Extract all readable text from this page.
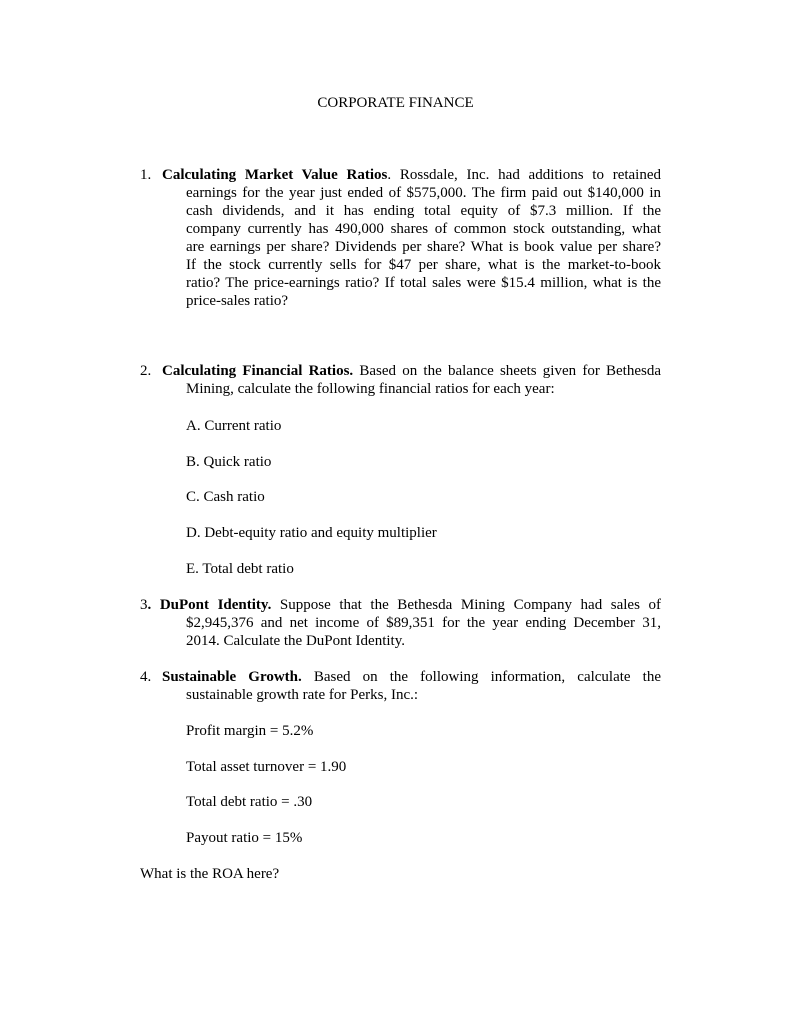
CORPORATE FINANCE
1. Calculating Market Value Ratios. Rossdale, Inc. had additions to retained
earnings for the year just ended of $575,000. The firm paid out $140,000 in
cash dividends, and it has ending total equity of $7.3 million. If the
company currently has 490,000 shares of common stock outstanding, what
are earnings per share? Dividends per share? What is book value per share?
If the stock currently sells for $47 per share, what is the market-to-book
ratio? The price-earnings ratio? If total sales were $15.4 million, what is the
price-sales ratio?
2. Calculating Financial Ratios. Based on the balance sheets given for Bethesda
Mining, calculate the following financial ratios for each year:
A. Current ratio
B. Quick ratio
C. Cash ratio
D. Debt-equity ratio and equity multiplier
E. Total debt ratio
3. DuPont Identity. Suppose that the Bethesda Mining Company had sales of
$2,945,376 and net income of $89,351 for the year ending December 31,
2014. Calculate the DuPont Identity.
4. Sustainable Growth. Based on the following information, calculate the
sustainable growth rate for Perks, Inc.:
Profit margin = 5.2%
Total asset turnover = 1.90
Total debt ratio = .30
Payout ratio = 15%
What is the ROA here?
